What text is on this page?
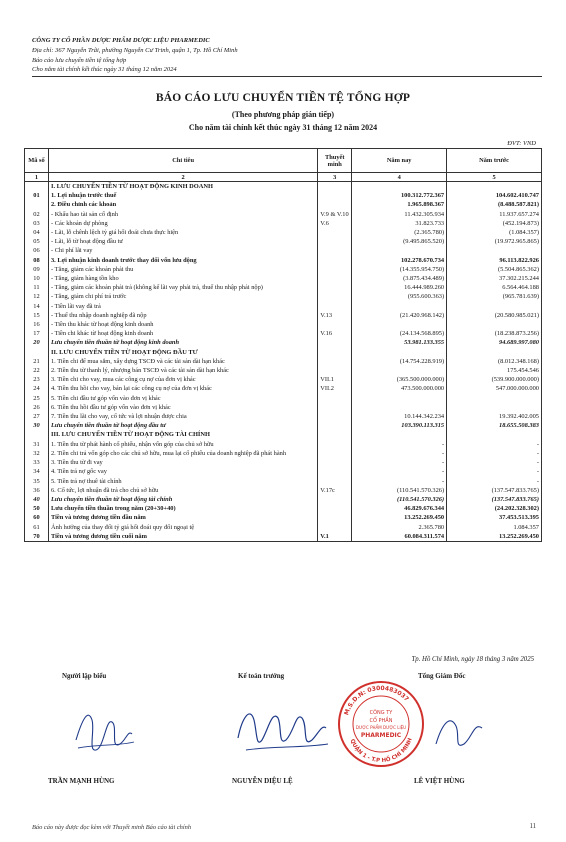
CÔNG TY CỔ PHẦN DƯỢC PHẨM DƯỢC LIỆU PHARMEDIC
Địa chỉ: 367 Nguyễn Trãi, phường Nguyễn Cư Trinh, quận 1, Tp. Hồ Chí Minh
Báo cáo lưu chuyển tiền tệ tổng hợp
Cho năm tài chính kết thúc ngày 31 tháng 12 năm 2024
BÁO CÁO LƯU CHUYỂN TIỀN TỆ TỔNG HỢP
(Theo phương pháp gián tiếp)
Cho năm tài chính kết thúc ngày 31 tháng 12 năm 2024
ĐVT: VND
Mã số	Chỉ tiêu	Thuyết minh	Năm nay	Năm trước
1	2	3	4	5
	I. LƯU CHUYỂN TIỀN TỪ HOẠT ĐỘNG KINH DOANH			
01	1. Lợi nhuận trước thuế		100.312.772.367	104.602.410.747
	2. Điều chỉnh các khoản		1.965.898.367	(8.488.587.821)
02	- Khấu hao tài sản cố định	V.9 & V.10	11.432.305.934	11.937.657.274
03	- Các khoản dự phòng	V.6	31.823.733	(452.194.873)
04	- Lãi, lỗ chênh lệch tỷ giá hối đoái chưa thực hiện		(2.365.780)	(1.084.357)
05	- Lãi, lỗ từ hoạt động đầu tư		(9.495.865.520)	(19.972.965.865)
06	- Chi phí lãi vay			
08	3. Lợi nhuận kinh doanh trước thay đổi vốn lưu động		102.278.670.734	96.113.822.926
09	- Tăng, giảm các khoản phải thu		(14.355.954.750)	(5.504.865.362)
10	- Tăng, giảm hàng tồn kho		(3.875.434.489)	37.302.215.244
11	- Tăng, giảm các khoản phải trả (không kể lãi vay phải trả, thuế thu nhập phải nộp)		16.444.989.260	6.564.464.188
12	- Tăng, giảm chi phí trả trước		(955.600.363)	(965.781.639)
14	- Tiền lãi vay đã trả			
15	- Thuế thu nhập doanh nghiệp đã nộp	V.13	(21.420.968.142)	(20.580.985.021)
16	- Tiền thu khác từ hoạt động kinh doanh			
17	- Tiền chi khác từ hoạt động kinh doanh	V.16	(24.134.568.895)	(18.238.873.256)
20	Lưu chuyển tiền thuần từ hoạt động kinh doanh		53.981.133.355	94.689.997.080
	II. LƯU CHUYỂN TIỀN TỪ HOẠT ĐỘNG ĐẦU TƯ			
21	1. Tiền chi để mua sắm, xây dựng TSCĐ và các tài sản dài hạn khác		(14.754.228.919)	(8.012.348.168)
22	2. Tiền thu từ thanh lý, nhượng bán TSCĐ và các tài sản dài hạn khác			175.454.546
23	3. Tiền chi cho vay, mua các công cụ nợ của đơn vị khác	VII.1	(365.500.000.000)	(539.900.000.000)
24	4. Tiền thu hồi cho vay, bán lại các công cụ nợ của đơn vị khác	VII.2	473.500.000.000	547.000.000.000
25	5. Tiền chi đầu tư góp vốn vào đơn vị khác			
26	6. Tiền thu hồi đầu tư góp vốn vào đơn vị khác			
27	7. Tiền thu lãi cho vay, cổ tức và lợi nhuận được chia		10.144.342.234	19.392.402.005
30	Lưu chuyển tiền thuần từ hoạt động đầu tư		103.390.113.315	18.655.508.383
	III. LƯU CHUYỂN TIỀN TỪ HOẠT ĐỘNG TÀI CHÍNH			
31	1. Tiền thu từ phát hành cổ phiếu, nhận vốn góp của chủ sở hữu		-	-
32	2. Tiền chi trả vốn góp cho các chủ sở hữu, mua lại cổ phiếu của doanh nghiệp đã phát hành		-	-
33	3. Tiền thu từ đi vay		-	-
34	4. Tiền trả nợ gốc vay		-	-
35	5. Tiền trả nợ thuê tài chính		-	-
36	6. Cổ tức, lợi nhuận đã trả cho chủ sở hữu	V.17c	(110.541.570.326)	(137.547.833.765)
40	Lưu chuyển tiền thuần từ hoạt động tài chính		(110.541.570.326)	(137.547.833.765)
50	Lưu chuyển tiền thuần trong năm (20+30+40)		46.829.676.344	(24.202.328.302)
60	Tiền và tương đương tiền đầu năm		13.252.269.450	37.453.513.395
61	Ảnh hưởng của thay đổi tỷ giá hối đoái quy đổi ngoại tệ		2.365.780	1.084.357
70	Tiền và tương đương tiền cuối năm	V.1	60.084.311.574	13.252.269.450
Tp. Hồ Chí Minh, ngày 18 tháng 3 năm 2025
Người lập biểu	Kế toán trưởng	Tổng Giám Đốc
M.S.D.N: 0300483037
QUẬN 1 - T.P HỒ CHÍ MINH
CÔNG TY
CỔ PHẦN
DƯỢC PHẨM DƯỢC LIỆU
PHARMEDIC
TRẦN MẠNH HÙNG	NGUYỄN DIỆU LỆ	LÊ VIỆT HÙNG
Báo cáo này được đọc kèm với Thuyết minh Báo cáo tài chính	11
